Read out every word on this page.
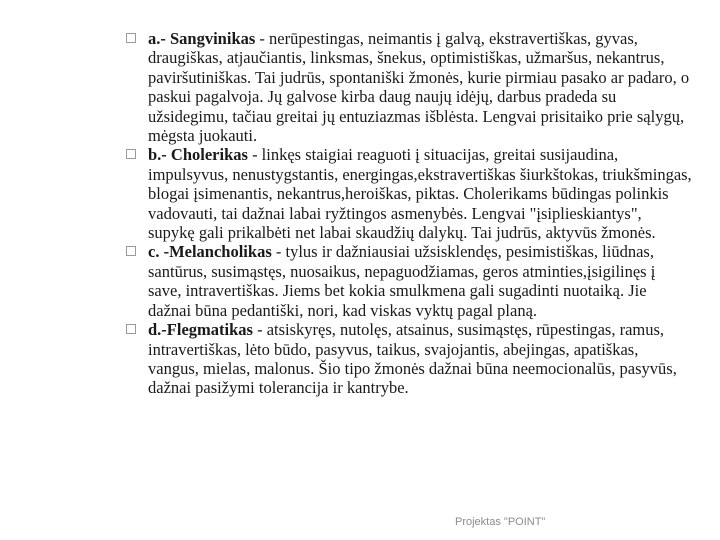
a.- Sangvinikas - nerūpestingas, neimantis į galvą, ekstravertiškas, gyvas, draugiškas, atjaučiantis, linksmas, šnekus, optimistiškas, užmaršus, nekantrus, paviršutiniškas. Tai judrūs, spontaniški žmonės, kurie pirmiau pasako ar padaro, o paskui pagalvoja. Jų galvose kirba daug naujų idėjų, darbus pradeda su užsidegimu, tačiau greitai jų entuziazmas išblėsta. Lengvai prisitaiko prie sąlygų, mėgsta juokauti.
b.- Cholerikas - linkęs staigiai reaguoti į situacijas, greitai susijaudina, impulsyvus, nenustygstantis, energingas,ekstravertiškas šiurkštokas, triukšmingas, blogai įsimenantis, nekantrus,heroiškas, piktas. Cholerikams būdingas polinkis vadovauti, tai dažnai labai ryžtingos asmenybės. Lengvai "įsiplieskiantys", supykę gali prikalbėti net labai skaudžių dalykų. Tai judrūs, aktyvūs žmonės.
c. -Melancholikas - tylus ir dažniausiai užsisklendęs, pesimistiškas, liūdnas, santūrus, susimąstęs, nuosaikus, nepaguodžiamas, geros atminties,įsigilinęs į save, intravertiškas. Jiems bet kokia smulkmena gali sugadinti nuotaiką. Jie dažnai būna pedantiški, nori, kad viskas vyktų pagal planą.
d.-Flegmatikas - atsiskyręs, nutolęs, atsainus, susimąstęs, rūpestingas, ramus, intravertiškas, lėto būdo, pasyvus, taikus, svajojantis, abejingas, apatiškas, vangus, mielas, malonus. Šio tipo žmonės dažnai būna neemocionalūs, pasyvūs, dažnai pasižymi tolerancija ir kantrybe.
Projektas "POINT"
